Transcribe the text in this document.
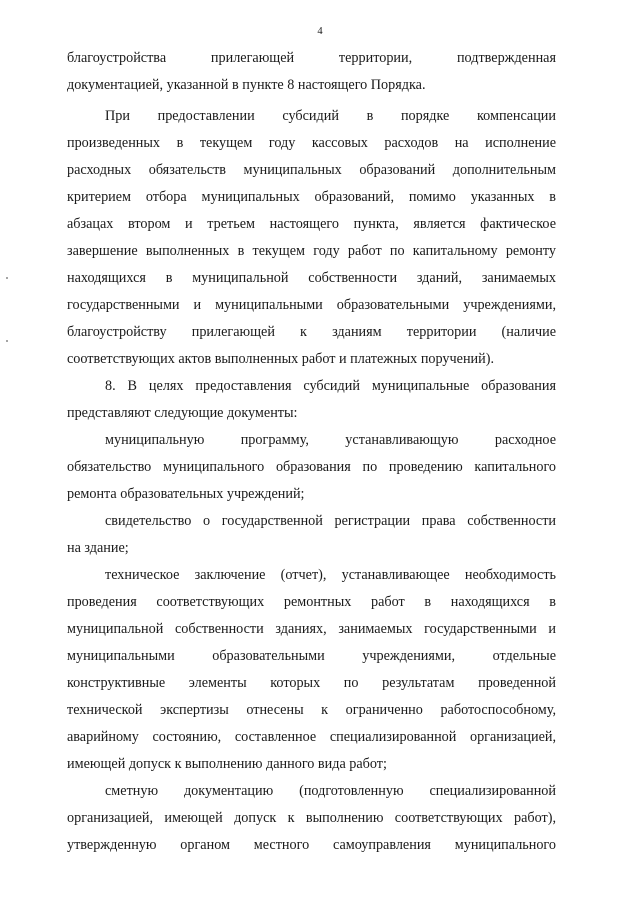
4
благоустройства прилегающей территории, подтвержденная
документацией, указанной в пункте 8 настоящего Порядка.
При предоставлении субсидий в порядке компенсации
произведенных в текущем году кассовых расходов на исполнение
расходных обязательств муниципальных образований дополнительным
критерием отбора муниципальных образований, помимо указанных в
абзацах втором и третьем настоящего пункта, является фактическое
завершение выполненных в текущем году работ по капитальному ремонту
находящихся в муниципальной собственности зданий, занимаемых
государственными и муниципальными образовательными учреждениями,
благоустройству прилегающей к зданиям территории (наличие
соответствующих актов выполненных работ и платежных поручений).
8. В целях предоставления субсидий муниципальные образования
представляют следующие документы:
муниципальную программу, устанавливающую расходное
обязательство муниципального образования по проведению капитального
ремонта образовательных учреждений;
свидетельство о государственной регистрации права собственности
на здание;
техническое заключение (отчет), устанавливающее необходимость
проведения соответствующих ремонтных работ в находящихся в
муниципальной собственности зданиях, занимаемых государственными и
муниципальными образовательными учреждениями, отдельные
конструктивные элементы которых по результатам проведенной
технической экспертизы отнесены к ограниченно работоспособному,
аварийному состоянию, составленное специализированной организацией,
имеющей допуск к выполнению данного вида работ;
сметную документацию (подготовленную специализированной
организацией, имеющей допуск к выполнению соответствующих работ),
утвержденную органом местного самоуправления муниципального
